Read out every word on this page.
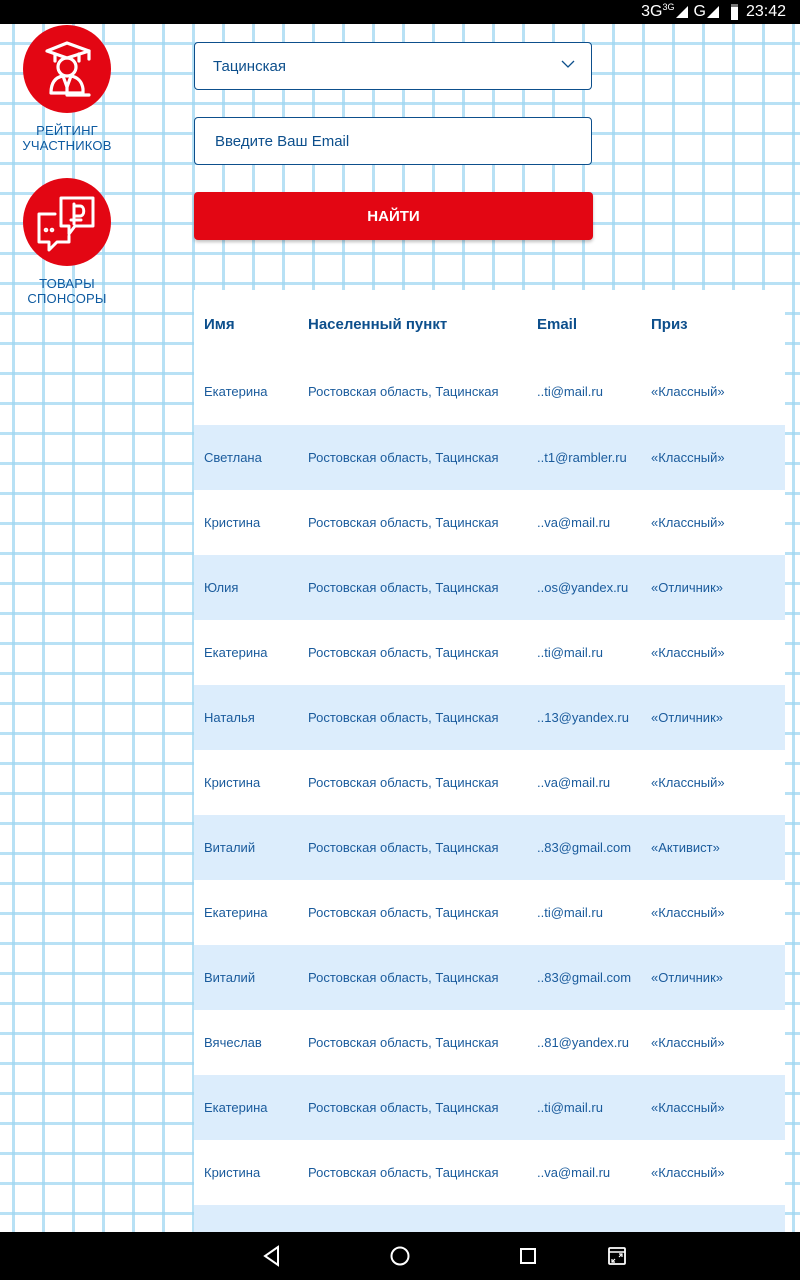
3G 3G G	23:42
РЕЙТИНГ
УЧАСТНИКОВ
ТОВАРЫ
СПОНСОРЫ
Тацинская
Введите Ваш Email
НАЙТИ
Имя	Населенный пункт	Email	Приз
Екатерина	Ростовская область, Тацинская	..ti@mail.ru	«Классный»
Светлана	Ростовская область, Тацинская	..t1@rambler.ru	«Классный»
Кристина	Ростовская область, Тацинская	..va@mail.ru	«Классный»
Юлия	Ростовская область, Тацинская	..os@yandex.ru	«Отличник»
Екатерина	Ростовская область, Тацинская	..ti@mail.ru	«Классный»
Наталья	Ростовская область, Тацинская	..13@yandex.ru	«Отличник»
Кристина	Ростовская область, Тацинская	..va@mail.ru	«Классный»
Виталий	Ростовская область, Тацинская	..83@gmail.com	«Активист»
Екатерина	Ростовская область, Тацинская	..ti@mail.ru	«Классный»
Виталий	Ростовская область, Тацинская	..83@gmail.com	«Отличник»
Вячеслав	Ростовская область, Тацинская	..81@yandex.ru	«Классный»
Екатерина	Ростовская область, Тацинская	..ti@mail.ru	«Классный»
Кристина	Ростовская область, Тацинская	..va@mail.ru	«Классный»
